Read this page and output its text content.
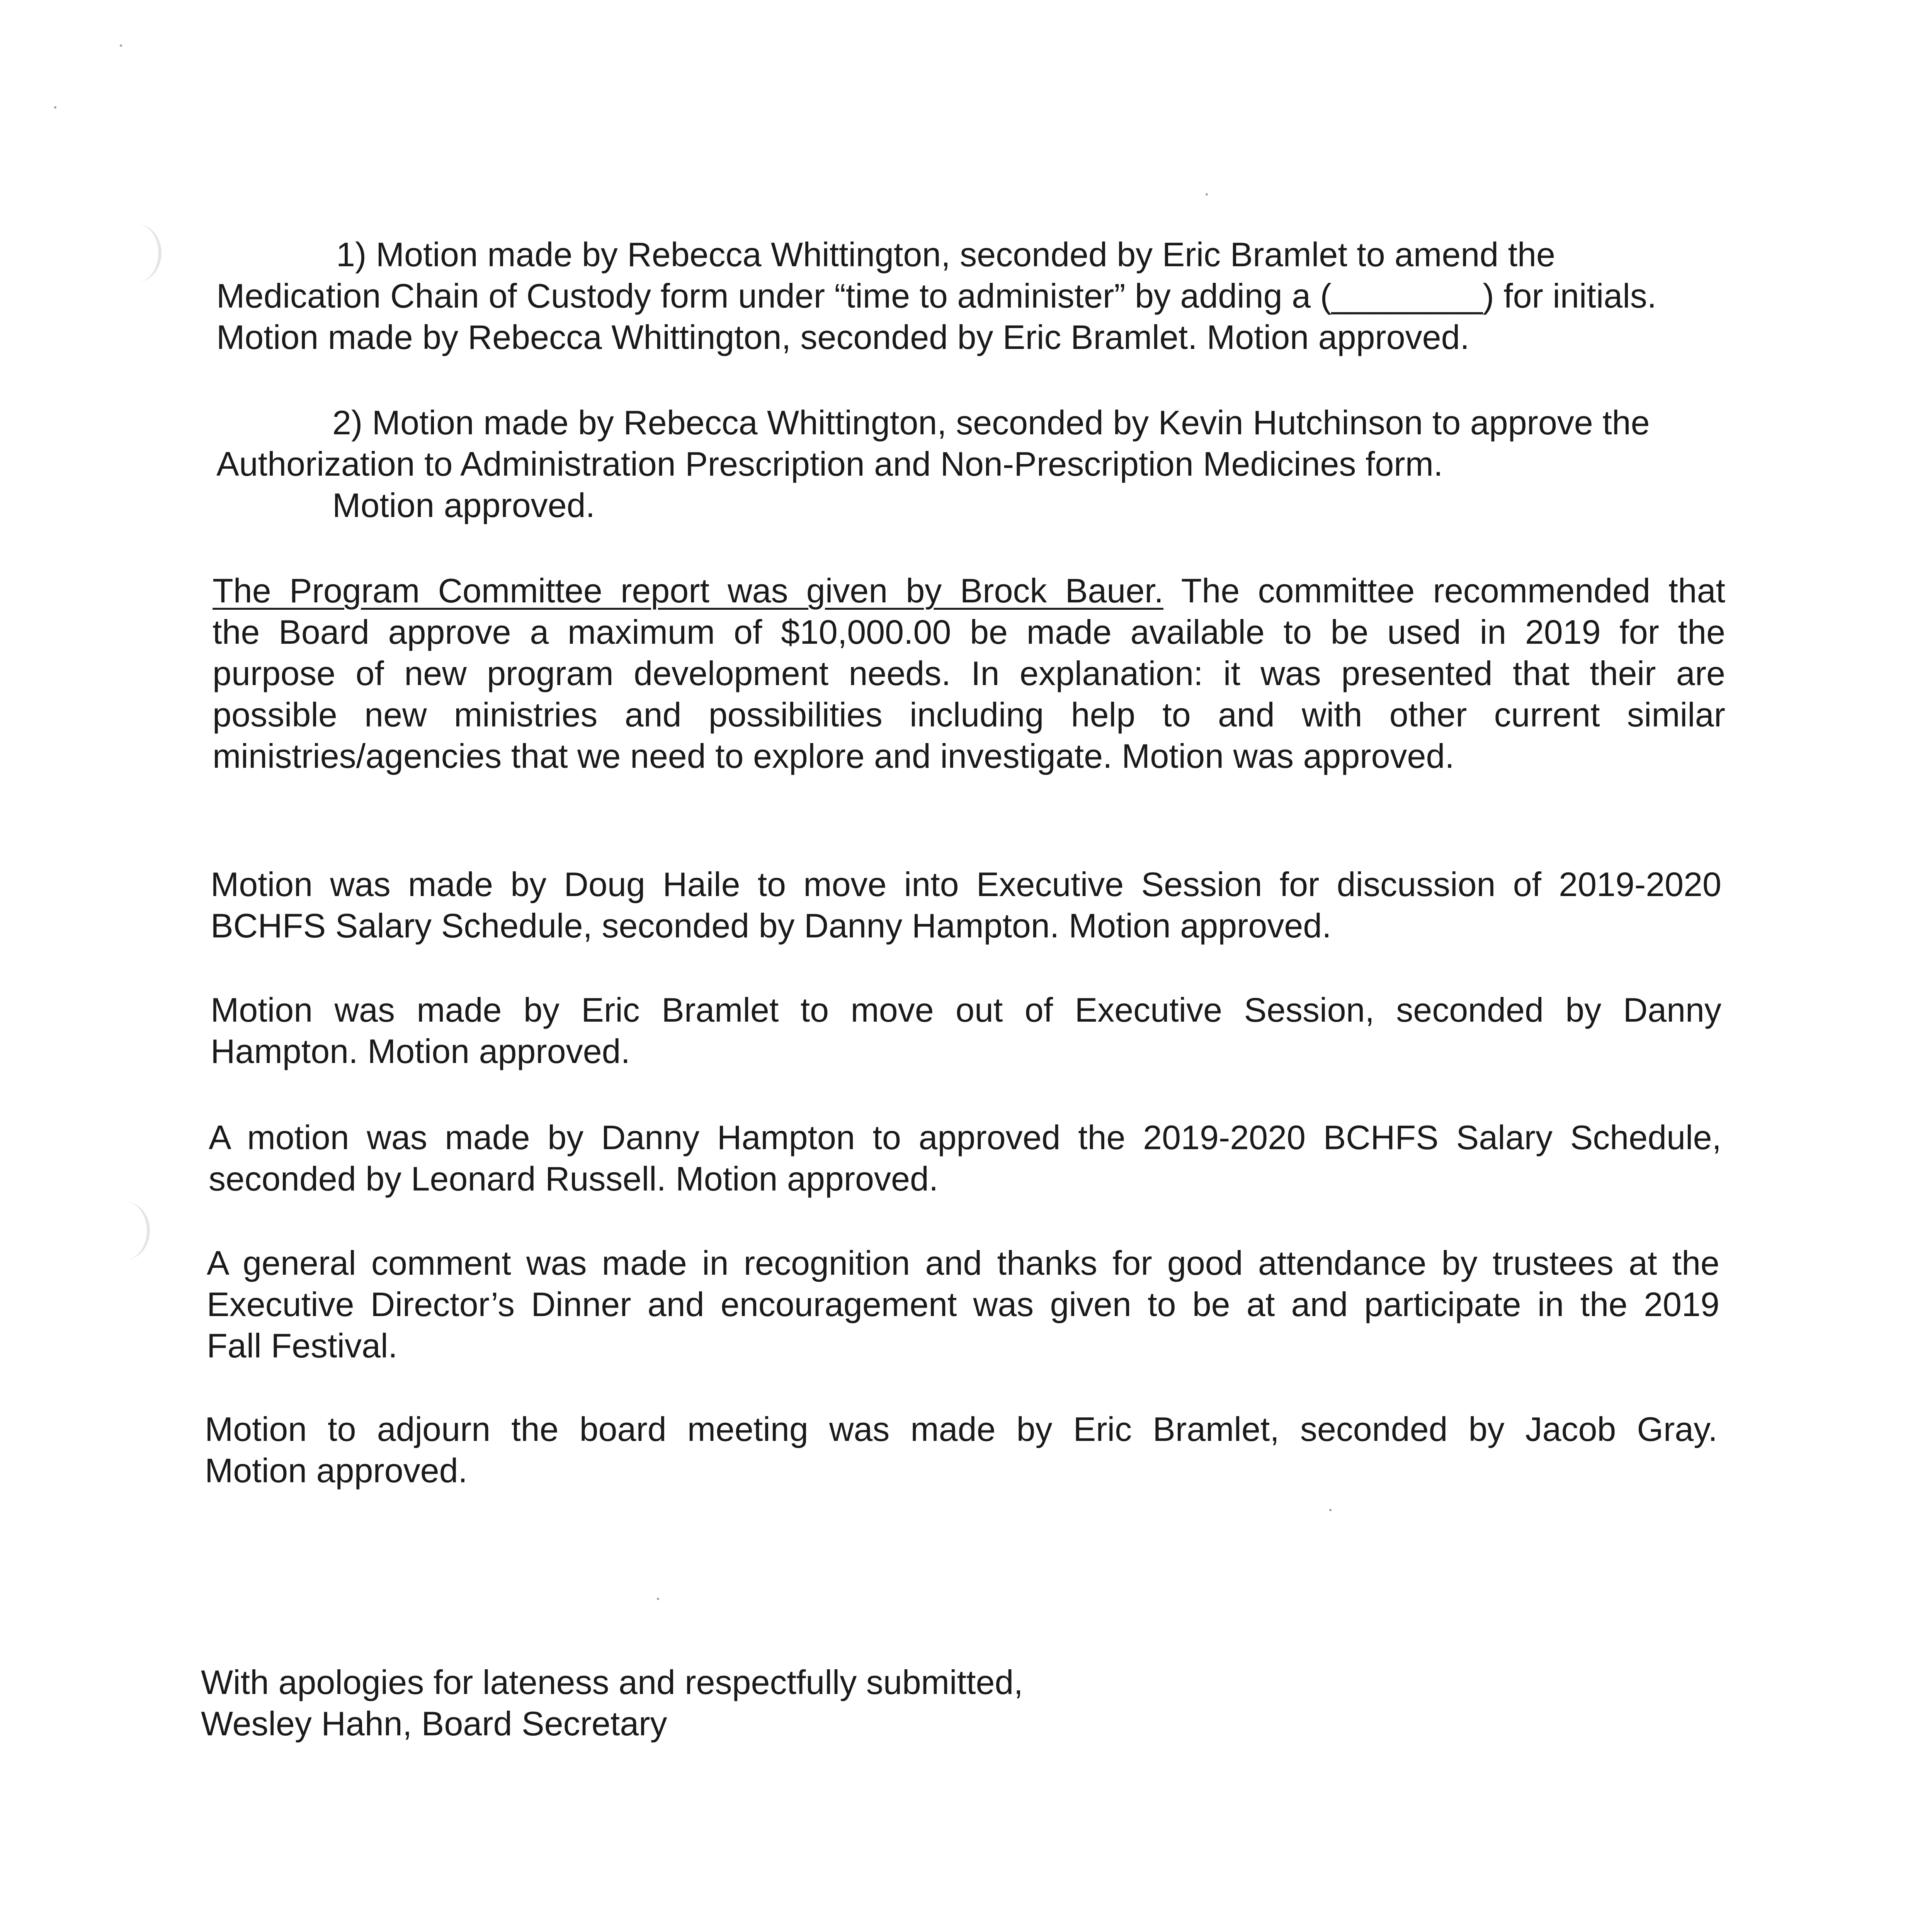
1) Motion made by Rebecca Whittington, seconded by Eric Bramlet to amend the
Medication Chain of Custody form under “time to administer” by adding a (________) for initials.
Motion made by Rebecca Whittington, seconded by Eric Bramlet. Motion approved.
2) Motion made by Rebecca Whittington, seconded by Kevin Hutchinson to approve the
Authorization to Administration Prescription and Non-Prescription Medicines form.
Motion approved.
The Program Committee report was given by Brock Bauer. The committee recommended that
the Board approve a maximum of $10,000.00 be made available to be used in 2019 for the
purpose of new program development needs. In explanation: it was presented that their are
possible new ministries and possibilities including help to and with other current similar
ministries/agencies that we need to explore and investigate. Motion was approved.
Motion was made by Doug Haile to move into Executive Session for discussion of 2019-2020
BCHFS Salary Schedule, seconded by Danny Hampton. Motion approved.
Motion was made by Eric Bramlet to move out of Executive Session, seconded by Danny
Hampton. Motion approved.
A motion was made by Danny Hampton to approved the 2019-2020 BCHFS Salary Schedule,
seconded by Leonard Russell. Motion approved.
A general comment was made in recognition and thanks for good attendance by trustees at the
Executive Director’s Dinner and encouragement was given to be at and participate in the 2019
Fall Festival.
Motion to adjourn the board meeting was made by Eric Bramlet, seconded by Jacob Gray.
Motion approved.
With apologies for lateness and respectfully submitted,
Wesley Hahn, Board Secretary
